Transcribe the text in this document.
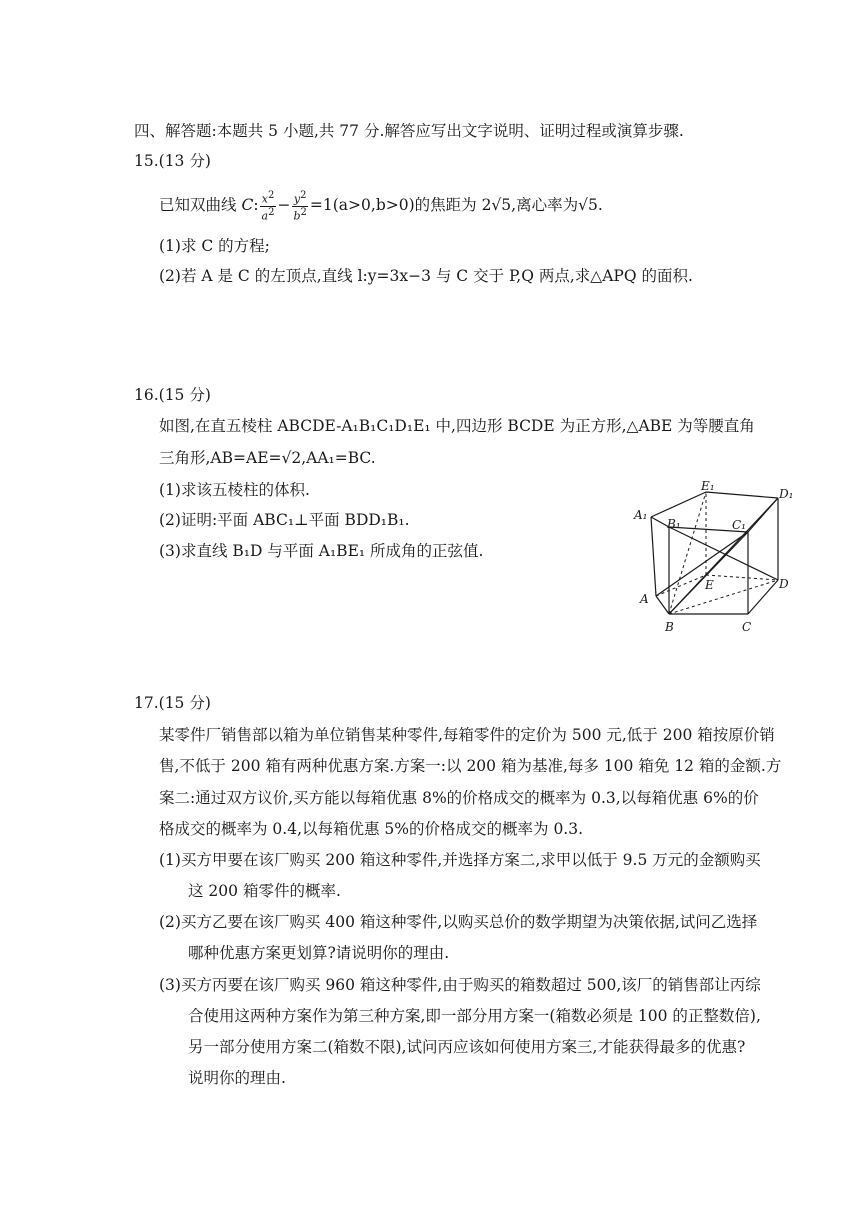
四、解答题:本题共 5 小题,共 77 分.解答应写出文字说明、证明过程或演算步骤.
15.(13 分)
已知双曲线 C: $\frac{x^2}{a^2} - \frac{y^2}{b^2} =1(a>0,b>0)$的焦距为 2√5,离心率为√5.
(1)求 C 的方程;
(2)若 A 是 C 的左顶点,直线 l:y=3x−3 与 C 交于 P,Q 两点,求△APQ 的面积.
16.(15 分)
如图,在直五棱柱 ABCDE-A₁B₁C₁D₁E₁ 中,四边形 BCDE 为正方形,△ABE 为等腰直角
三角形,AB=AE=√2,AA₁=BC.
(1)求该五棱柱的体积.
(2)证明:平面 ABC₁⊥平面 BDD₁B₁.
(3)求直线 B₁D 与平面 A₁BE₁ 所成角的正弦值.
E₁
D₁
A₁
B₁	C₁
E	D
A
B	C
17.(15 分)
某零件厂销售部以箱为单位销售某种零件,每箱零件的定价为 500 元,低于 200 箱按原价销
售,不低于 200 箱有两种优惠方案.方案一:以 200 箱为基准,每多 100 箱免 12 箱的金额.方
案二:通过双方议价,买方能以每箱优惠 8%的价格成交的概率为 0.3,以每箱优惠 6%的价
格成交的概率为 0.4,以每箱优惠 5%的价格成交的概率为 0.3.
(1)买方甲要在该厂购买 200 箱这种零件,并选择方案二,求甲以低于 9.5 万元的金额购买
这 200 箱零件的概率.
(2)买方乙要在该厂购买 400 箱这种零件,以购买总价的数学期望为决策依据,试问乙选择
哪种优惠方案更划算?请说明你的理由.
(3)买方丙要在该厂购买 960 箱这种零件,由于购买的箱数超过 500,该厂的销售部让丙综
合使用这两种方案作为第三种方案,即一部分用方案一(箱数必须是 100 的正整数倍),
另一部分使用方案二(箱数不限),试问丙应该如何使用方案三,才能获得最多的优惠?
说明你的理由.
